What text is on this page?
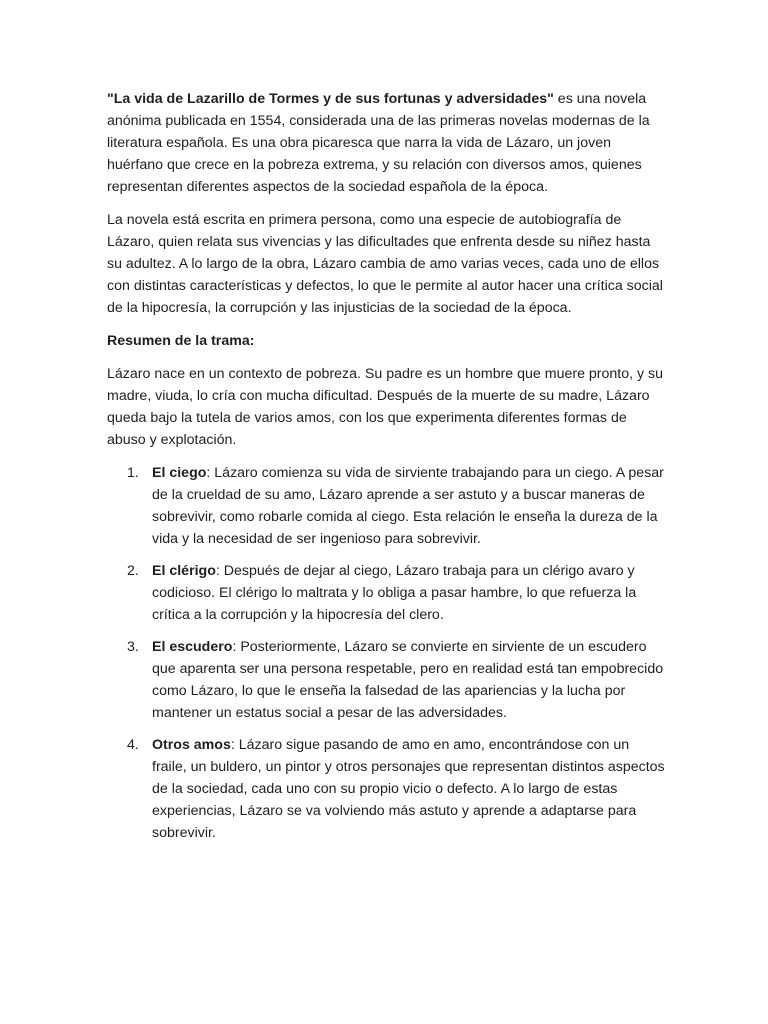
"La vida de Lazarillo de Tormes y de sus fortunas y adversidades" es una novela anónima publicada en 1554, considerada una de las primeras novelas modernas de la literatura española. Es una obra picaresca que narra la vida de Lázaro, un joven huérfano que crece en la pobreza extrema, y su relación con diversos amos, quienes representan diferentes aspectos de la sociedad española de la época.

La novela está escrita en primera persona, como una especie de autobiografía de Lázaro, quien relata sus vivencias y las dificultades que enfrenta desde su niñez hasta su adultez. A lo largo de la obra, Lázaro cambia de amo varias veces, cada uno de ellos con distintas características y defectos, lo que le permite al autor hacer una crítica social de la hipocresía, la corrupción y las injusticias de la sociedad de la época.

Resumen de la trama:

Lázaro nace en un contexto de pobreza. Su padre es un hombre que muere pronto, y su madre, viuda, lo cría con mucha dificultad. Después de la muerte de su madre, Lázaro queda bajo la tutela de varios amos, con los que experimenta diferentes formas de abuso y explotación.

1. El ciego: Lázaro comienza su vida de sirviente trabajando para un ciego. A pesar de la crueldad de su amo, Lázaro aprende a ser astuto y a buscar maneras de sobrevivir, como robarle comida al ciego. Esta relación le enseña la dureza de la vida y la necesidad de ser ingenioso para sobrevivir.
2. El clérigo: Después de dejar al ciego, Lázaro trabaja para un clérigo avaro y codicioso. El clérigo lo maltrata y lo obliga a pasar hambre, lo que refuerza la crítica a la corrupción y la hipocresía del clero.
3. El escudero: Posteriormente, Lázaro se convierte en sirviente de un escudero que aparenta ser una persona respetable, pero en realidad está tan empobrecido como Lázaro, lo que le enseña la falsedad de las apariencias y la lucha por mantener un estatus social a pesar de las adversidades.
4. Otros amos: Lázaro sigue pasando de amo en amo, encontrándose con un fraile, un buldero, un pintor y otros personajes que representan distintos aspectos de la sociedad, cada uno con su propio vicio o defecto. A lo largo de estas experiencias, Lázaro se va volviendo más astuto y aprende a adaptarse para sobrevivir.
